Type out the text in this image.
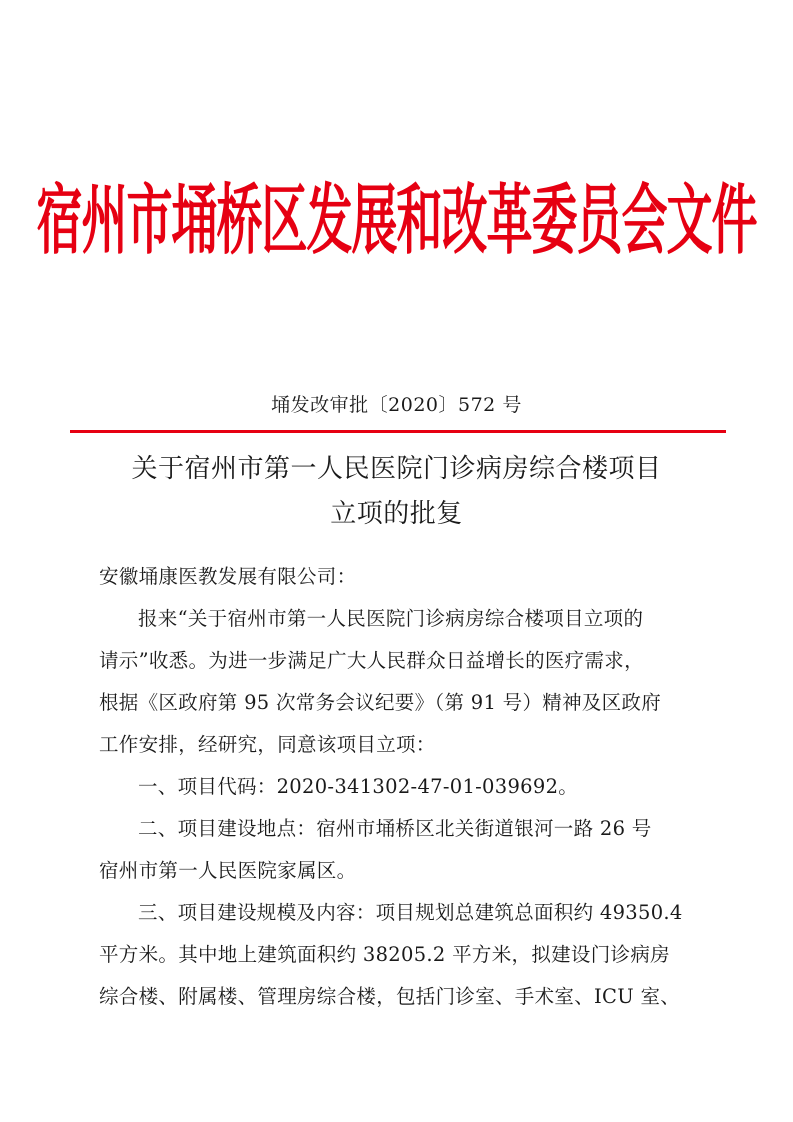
宿州市埇桥区发展和改革委员会文件
埇发改审批〔2020〕572 号
关于宿州市第一人民医院门诊病房综合楼项目
立项的批复
安徽埇康医教发展有限公司：
报来“关于宿州市第一人民医院门诊病房综合楼项目立项的
请示”收悉。为进一步满足广大人民群众日益增长的医疗需求，
根据《区政府第 95 次常务会议纪要》（第 91 号）精神及区政府
工作安排，经研究，同意该项目立项：
一、项目代码：2020-341302-47-01-039692。
二、项目建设地点：宿州市埇桥区北关街道银河一路 26 号
宿州市第一人民医院家属区。
三、项目建设规模及内容：项目规划总建筑总面积约 49350.4
平方米。其中地上建筑面积约 38205.2 平方米，拟建设门诊病房
综合楼、附属楼、管理房综合楼，包括门诊室、手术室、ICU 室、
